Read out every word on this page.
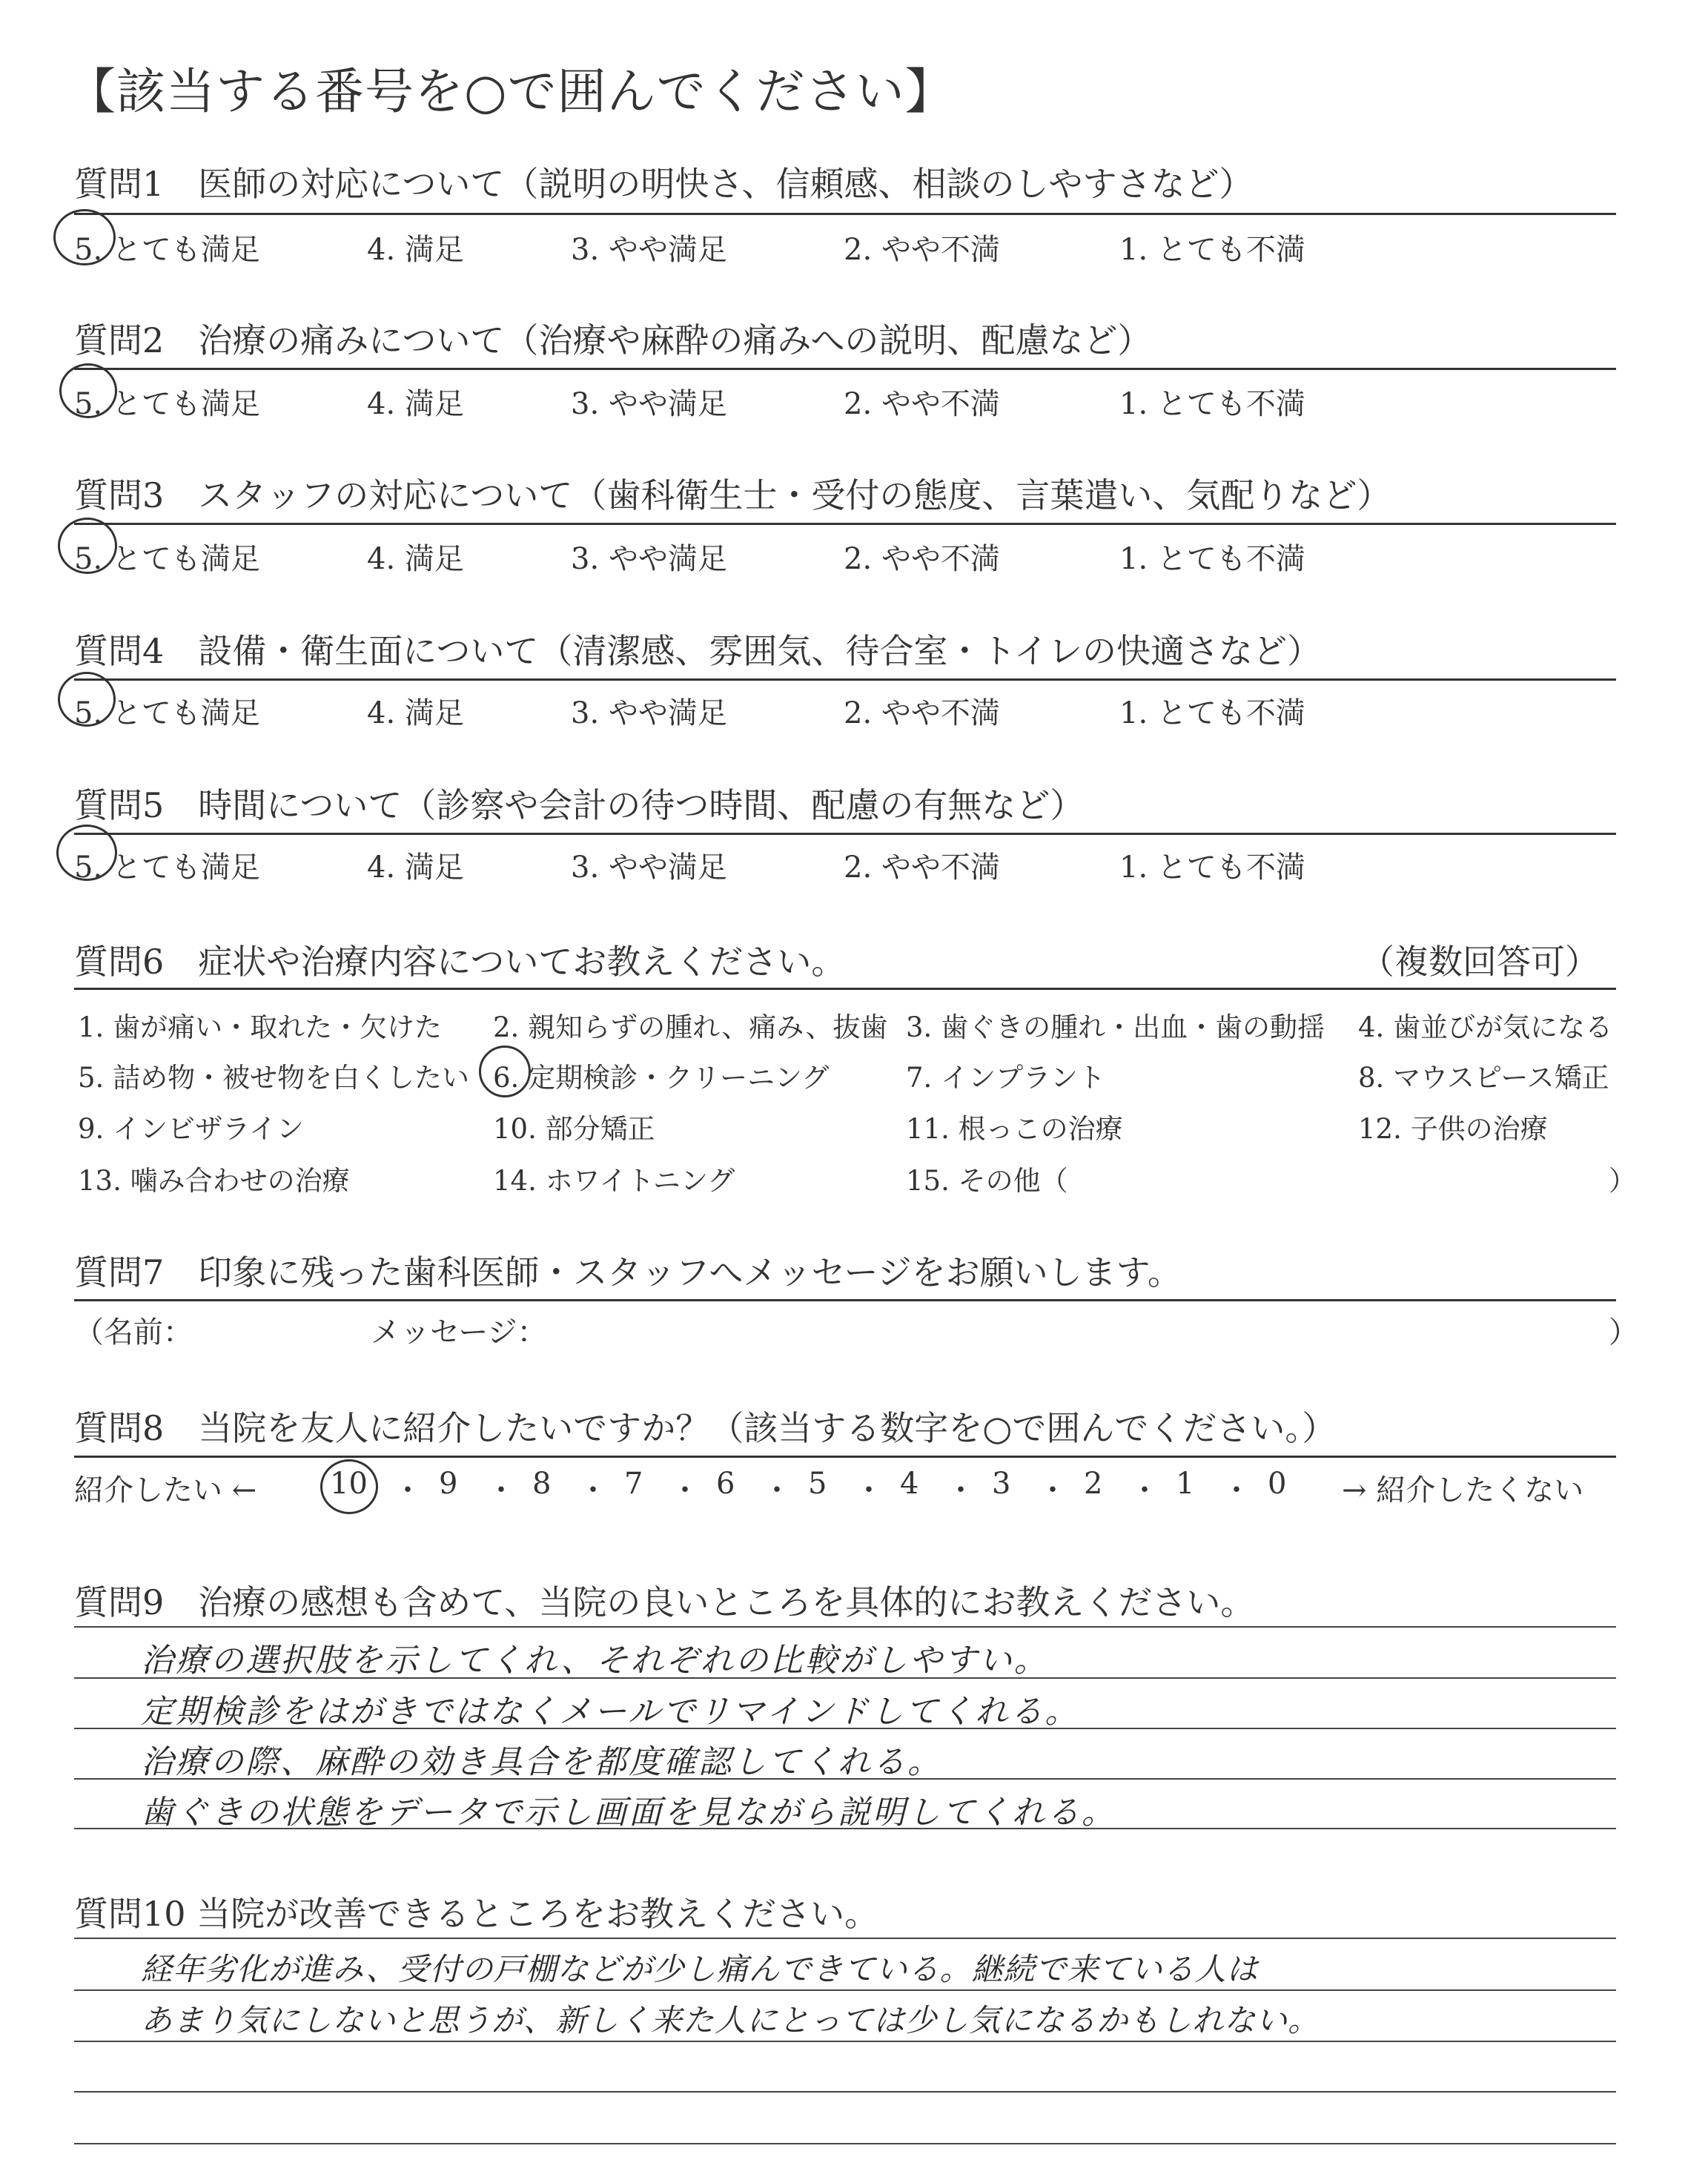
【該当する番号を○で囲んでください】
質問1　医師の対応について（説明の明快さ、信頼感、相談のしやすさなど）
5. とても満足	4. 満足	3. やや満足	2. やや不満	1. とても不満
質問2　治療の痛みについて（治療や麻酔の痛みへの説明、配慮など）
5. とても満足	4. 満足	3. やや満足	2. やや不満	1. とても不満
質問3　スタッフの対応について（歯科衛生士・受付の態度、言葉遣い、気配りなど）
5. とても満足	4. 満足	3. やや満足	2. やや不満	1. とても不満
質問4　設備・衛生面について（清潔感、雰囲気、待合室・トイレの快適さなど）
5. とても満足	4. 満足	3. やや満足	2. やや不満	1. とても不満
質問5　時間について（診察や会計の待つ時間、配慮の有無など）
5. とても満足	4. 満足	3. やや満足	2. やや不満	1. とても不満
質問6　症状や治療内容についてお教えください。	（複数回答可）
1. 歯が痛い・取れた・欠けた 2. 親知らずの腫れ、痛み、抜歯 3. 歯ぐきの腫れ・出血・歯の動揺 4. 歯並びが気になる
5. 詰め物・被せ物を白くしたい 6. 定期検診・クリーニング	7. インプラント	8. マウスピース矯正
9. インビザライン	10. 部分矯正	11. 根っこの治療	12. 子供の治療
13. 噛み合わせの治療	14. ホワイトニング	15. その他（	）
質問7　印象に残った歯科医師・スタッフへメッセージをお願いします。
（名前：	メッセージ：	）
質問8　当院を友人に紹介したいですか？（該当する数字を○で囲んでください。）
紹介したい ← 10 ・ 9 ・ 8 ・ 7 ・ 6 ・ 5 ・ 4 ・ 3 ・ 2 ・ 1 ・ 0 → 紹介したくない
質問9　治療の感想も含めて、当院の良いところを具体的にお教えください。
治療の選択肢を示してくれ、それぞれの比較がしやすい。
定期検診をはがきではなくメールでリマインドしてくれる。
治療の際、麻酔の効き具合を都度確認してくれる。
歯ぐきの状態をデータで示し画面を見ながら説明してくれる。
質問10 当院が改善できるところをお教えください。
経年劣化が進み、受付の戸棚などが少し痛んできている。継続で来ている人は
あまり気にしないと思うが、新しく来た人にとっては少し気になるかもしれない。
